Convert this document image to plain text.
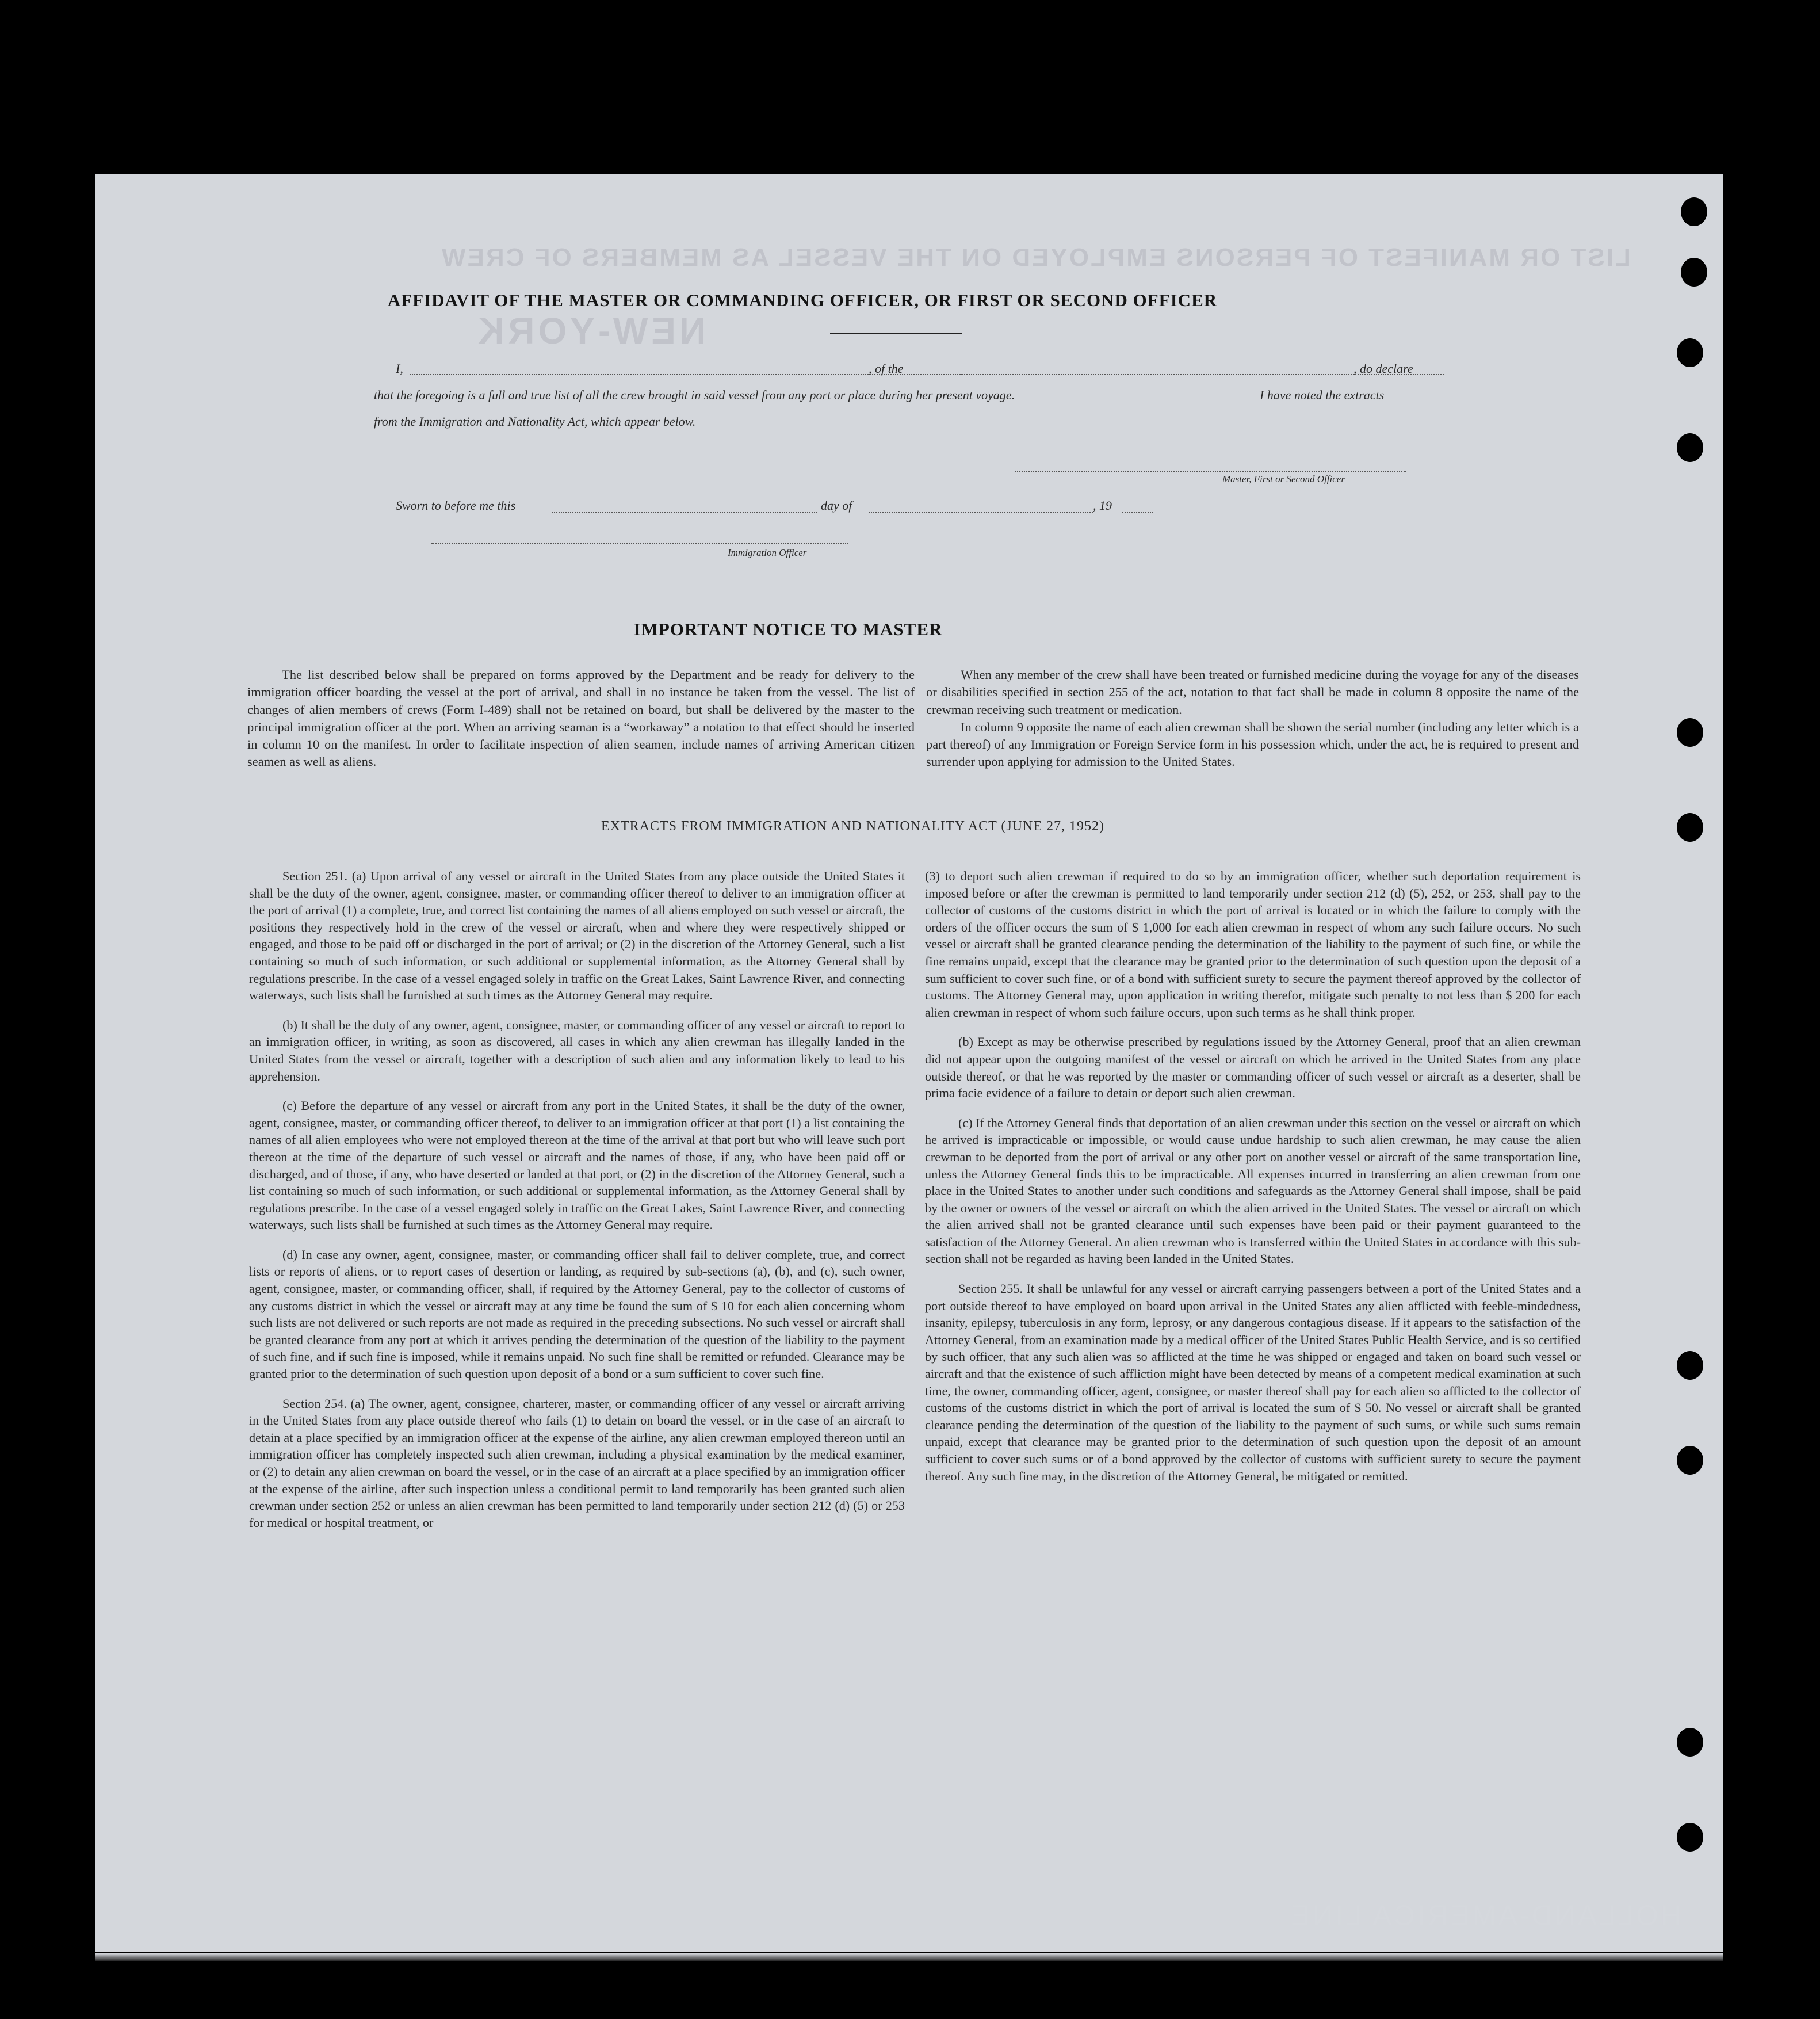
LIST OR MANIFEST OF PERSONS EMPLOYED ON THE VESSEL AS MEMBERS OF CREW
NEW-YORK
AFFIDAVIT OF THE MASTER OR COMMANDING OFFICER, OR FIRST OR SECOND OFFICER
I,	, of the	, do declare
that the foregoing is a full and true list of all the crew brought in said vessel from any port or place during her present voyage.	I have noted the extracts
from the Immigration and Nationality Act, which appear below.
Master, First or Second Officer
Sworn to before me this	day of	, 19
Immigration Officer
IMPORTANT NOTICE TO MASTER

The list described below shall be prepared on forms approved by the Department and be ready for delivery to the immigration officer boarding the vessel at the port of arrival, and shall in no instance be taken from the vessel. The list of changes of alien members of crews (Form I-489) shall not be retained on board, but shall be delivered by the master to the principal immigration officer at the port. When an arriving seaman is a “workaway” a notation to that effect should be inserted in column 10 on the manifest. In order to facilitate inspection of alien seamen, include names of arriving American citizen seamen as well as aliens.

When any member of the crew shall have been treated or furnished medicine during the voyage for any of the diseases or disabilities specified in section 255 of the act, notation to that fact shall be made in column 8 opposite the name of the crewman receiving such treatment or medication.

In column 9 opposite the name of each alien crewman shall be shown the serial number (including any letter which is a part thereof) of any Immigration or Foreign Service form in his possession which, under the act, he is required to present and surrender upon applying for admission to the United States.

EXTRACTS FROM IMMIGRATION AND NATIONALITY ACT (JUNE 27, 1952)

Section 251. (a) Upon arrival of any vessel or aircraft in the United States from any place outside the United States it shall be the duty of the owner, agent, consignee, master, or commanding officer thereof to deliver to an immigration officer at the port of arrival (1) a complete, true, and correct list containing the names of all aliens employed on such vessel or aircraft, the positions they respectively hold in the crew of the vessel or aircraft, when and where they were respectively shipped or engaged, and those to be paid off or discharged in the port of arrival; or (2) in the discretion of the Attorney General, such a list containing so much of such information, or such additional or supplemental information, as the Attorney General shall by regulations prescribe. In the case of a vessel engaged solely in traffic on the Great Lakes, Saint Lawrence River, and connecting waterways, such lists shall be furnished at such times as the Attorney General may require.

(b) It shall be the duty of any owner, agent, consignee, master, or commanding officer of any vessel or aircraft to report to an immigration officer, in writing, as soon as discovered, all cases in which any alien crewman has illegally landed in the United States from the vessel or aircraft, together with a description of such alien and any information likely to lead to his apprehension.

(c) Before the departure of any vessel or aircraft from any port in the United States, it shall be the duty of the owner, agent, consignee, master, or commanding officer thereof, to deliver to an immigration officer at that port (1) a list containing the names of all alien employees who were not employed thereon at the time of the arrival at that port but who will leave such port thereon at the time of the departure of such vessel or aircraft and the names of those, if any, who have been paid off or discharged, and of those, if any, who have deserted or landed at that port, or (2) in the discretion of the Attorney General, such a list containing so much of such information, or such additional or supplemental information, as the Attorney General shall by regulations prescribe. In the case of a vessel engaged solely in traffic on the Great Lakes, Saint Lawrence River, and connecting waterways, such lists shall be furnished at such times as the Attorney General may require.

(d) In case any owner, agent, consignee, master, or commanding officer shall fail to deliver complete, true, and correct lists or reports of aliens, or to report cases of desertion or landing, as required by sub-sections (a), (b), and (c), such owner, agent, consignee, master, or commanding officer, shall, if required by the Attorney General, pay to the collector of customs of any customs district in which the vessel or aircraft may at any time be found the sum of $ 10 for each alien concerning whom such lists are not delivered or such reports are not made as required in the preceding subsections. No such vessel or aircraft shall be granted clearance from any port at which it arrives pending the determination of the question of the liability to the payment of such fine, and if such fine is imposed, while it remains unpaid. No such fine shall be remitted or refunded. Clearance may be granted prior to the determination of such question upon deposit of a bond or a sum sufficient to cover such fine.

Section 254. (a) The owner, agent, consignee, charterer, master, or commanding officer of any vessel or aircraft arriving in the United States from any place outside thereof who fails (1) to detain on board the vessel, or in the case of an aircraft to detain at a place specified by an immigration officer at the expense of the airline, any alien crewman employed thereon until an immigration officer has completely inspected such alien crewman, including a physical examination by the medical examiner, or (2) to detain any alien crewman on board the vessel, or in the case of an aircraft at a place specified by an immigration officer at the expense of the airline, after such inspection unless a conditional permit to land temporarily has been granted such alien crewman under section 252 or unless an alien crewman has been permitted to land temporarily under section 212 (d) (5) or 253 for medical or hospital treatment, or

(3) to deport such alien crewman if required to do so by an immigration officer, whether such deportation requirement is imposed before or after the crewman is permitted to land temporarily under section 212 (d) (5), 252, or 253, shall pay to the collector of customs of the customs district in which the port of arrival is located or in which the failure to comply with the orders of the officer occurs the sum of $ 1,000 for each alien crewman in respect of whom any such failure occurs. No such vessel or aircraft shall be granted clearance pending the determination of the liability to the payment of such fine, or while the fine remains unpaid, except that the clearance may be granted prior to the determination of such question upon the deposit of a sum sufficient to cover such fine, or of a bond with sufficient surety to secure the payment thereof approved by the collector of customs. The Attorney General may, upon application in writing therefor, mitigate such penalty to not less than $ 200 for each alien crewman in respect of whom such failure occurs, upon such terms as he shall think proper.

(b) Except as may be otherwise prescribed by regulations issued by the Attorney General, proof that an alien crewman did not appear upon the outgoing manifest of the vessel or aircraft on which he arrived in the United States from any place outside thereof, or that he was reported by the master or commanding officer of such vessel or aircraft as a deserter, shall be prima facie evidence of a failure to detain or deport such alien crewman.

(c) If the Attorney General finds that deportation of an alien crewman under this section on the vessel or aircraft on which he arrived is impracticable or impossible, or would cause undue hardship to such alien crewman, he may cause the alien crewman to be deported from the port of arrival or any other port on another vessel or aircraft of the same transportation line, unless the Attorney General finds this to be impracticable. All expenses incurred in transferring an alien crewman from one place in the United States to another under such conditions and safeguards as the Attorney General shall impose, shall be paid by the owner or owners of the vessel or aircraft on which the alien arrived in the United States. The vessel or aircraft on which the alien arrived shall not be granted clearance until such expenses have been paid or their payment guaranteed to the satisfaction of the Attorney General. An alien crewman who is transferred within the United States in accordance with this sub-section shall not be regarded as having been landed in the United States.

Section 255. It shall be unlawful for any vessel or aircraft carrying passengers between a port of the United States and a port outside thereof to have employed on board upon arrival in the United States any alien afflicted with feeble-mindedness, insanity, epilepsy, tuberculosis in any form, leprosy, or any dangerous contagious disease. If it appears to the satisfaction of the Attorney General, from an examination made by a medical officer of the United States Public Health Service, and is so certified by such officer, that any such alien was so afflicted at the time he was shipped or engaged and taken on board such vessel or aircraft and that the existence of such affliction might have been detected by means of a competent medical examination at such time, the owner, commanding officer, agent, consignee, or master thereof shall pay for each alien so afflicted to the collector of customs of the customs district in which the port of arrival is located the sum of $ 50. No vessel or aircraft shall be granted clearance pending the determination of the question of the liability to the payment of such sums, or while such sums remain unpaid, except that clearance may be granted prior to the determination of such question upon the deposit of an amount sufficient to cover such sums or of a bond approved by the collector of customs with sufficient surety to secure the payment thereof. Any such fine may, in the discretion of the Attorney General, be mitigated or remitted.

HOLLAND-AMERICA LINE
